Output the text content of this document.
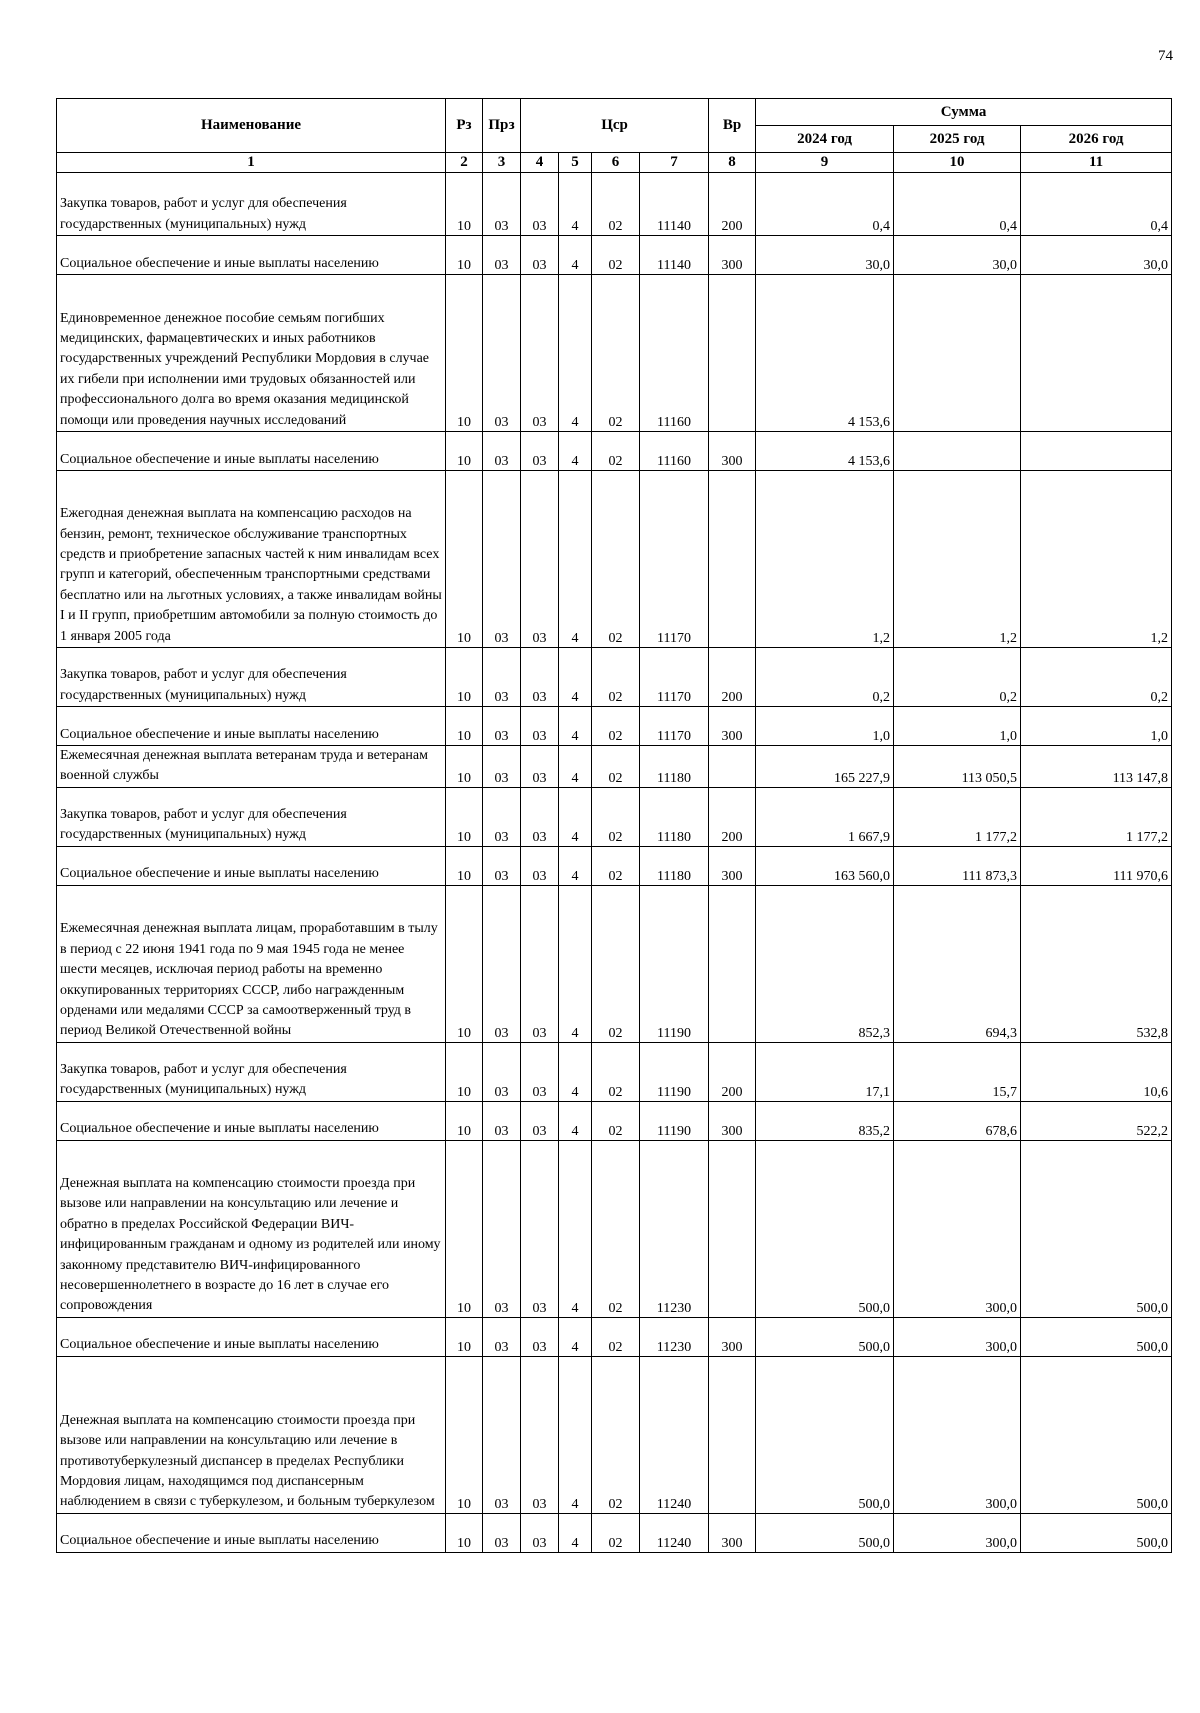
74
Наименование	Рз	Прз	Цср				Вр	Сумма		
								2024 год	2025 год	2026 год
1	2	3	4	5	6	7	8	9	10	11
Закупка товаров, работ и услуг для обеспечения государственных (муниципальных) нужд	10	03	03	4	02	11140	200	0,4	0,4	0,4
Социальное обеспечение и иные выплаты населению	10	03	03	4	02	11140	300	30,0	30,0	30,0
Единовременное денежное пособие семьям погибших медицинских, фармацевтических и иных работников государственных учреждений Республики Мордовия в случае их гибели при исполнении ими трудовых обязанностей или профессионального долга во время оказания медицинской помощи или проведения научных исследований	10	03	03	4	02	11160		4 153,6		
Социальное обеспечение и иные выплаты населению	10	03	03	4	02	11160	300	4 153,6		
Ежегодная денежная выплата на компенсацию расходов на бензин, ремонт, техническое обслуживание транспортных средств и приобретение запасных частей к ним инвалидам всех групп и категорий, обеспеченным транспортными средствами бесплатно или на льготных условиях, а также инвалидам войны I и II групп, приобретшим автомобили за полную стоимость до 1 января 2005 года	10	03	03	4	02	11170		1,2	1,2	1,2
Закупка товаров, работ и услуг для обеспечения государственных (муниципальных) нужд	10	03	03	4	02	11170	200	0,2	0,2	0,2
Социальное обеспечение и иные выплаты населению	10	03	03	4	02	11170	300	1,0	1,0	1,0
Ежемесячная денежная выплата ветеранам труда и ветеранам военной службы	10	03	03	4	02	11180		165 227,9	113 050,5	113 147,8
Закупка товаров, работ и услуг для обеспечения государственных (муниципальных) нужд	10	03	03	4	02	11180	200	1 667,9	1 177,2	1 177,2
Социальное обеспечение и иные выплаты населению	10	03	03	4	02	11180	300	163 560,0	111 873,3	111 970,6
Ежемесячная денежная выплата лицам, проработавшим в тылу в период с 22 июня 1941 года по 9 мая 1945 года не менее шести месяцев, исключая период работы на временно оккупированных территориях СССР, либо награжденным орденами или медалями СССР за самоотверженный труд в период Великой Отечественной войны	10	03	03	4	02	11190		852,3	694,3	532,8
Закупка товаров, работ и услуг для обеспечения государственных (муниципальных) нужд	10	03	03	4	02	11190	200	17,1	15,7	10,6
Социальное обеспечение и иные выплаты населению	10	03	03	4	02	11190	300	835,2	678,6	522,2
Денежная выплата на компенсацию стоимости проезда при вызове или направлении на консультацию или лечение и обратно в пределах Российской Федерации ВИЧ-инфицированным гражданам и одному из родителей или иному законному представителю ВИЧ-инфицированного несовершеннолетнего в возрасте до 16 лет в случае его сопровождения	10	03	03	4	02	11230		500,0	300,0	500,0
Социальное обеспечение и иные выплаты населению	10	03	03	4	02	11230	300	500,0	300,0	500,0
Денежная выплата на компенсацию стоимости проезда при вызове или направлении на консультацию или лечение в противотуберкулезный диспансер в пределах Республики Мордовия лицам, находящимся под диспансерным наблюдением в связи с туберкулезом, и больным туберкулезом	10	03	03	4	02	11240		500,0	300,0	500,0
Социальное обеспечение и иные выплаты населению	10	03	03	4	02	11240	300	500,0	300,0	500,0
